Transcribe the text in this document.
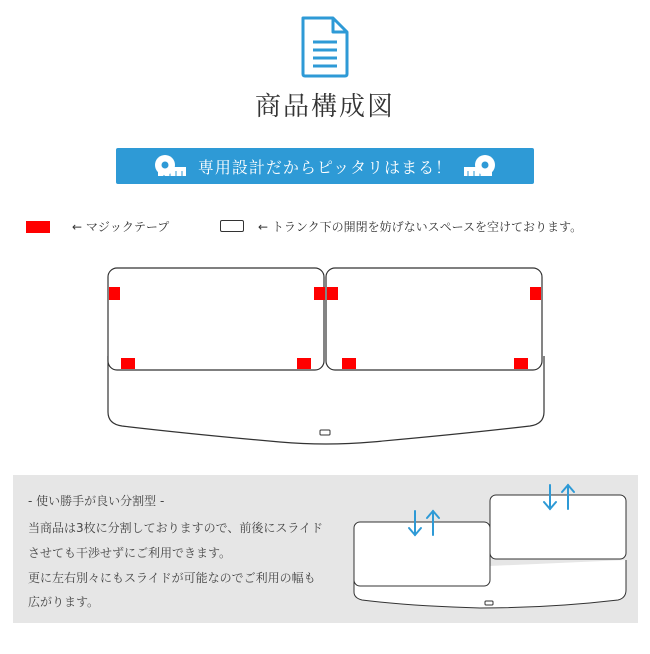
商品構成図
専用設計だからピッタリはまる！
← マジックテープ	← トランク下の開閉を妨げないスペースを空けております。
- 使い勝手が良い分割型 -
当商品は3枚に分割しておりますので、前後にスライド
させても干渉せずにご利用できます。
更に左右別々にもスライドが可能なのでご利用の幅も
広がります。
